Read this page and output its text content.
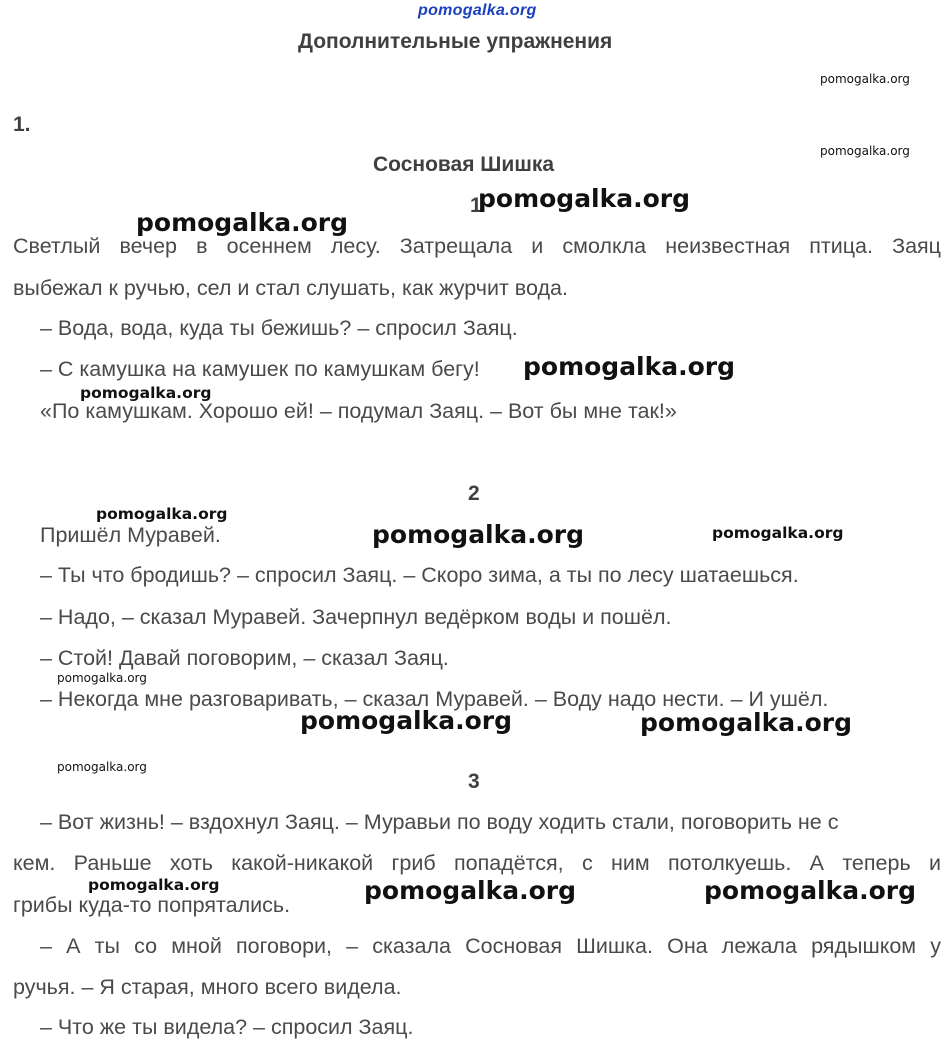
pomogalka.org
Дополнительные упражнения
pomogalka.org
1.
pomogalka.org
Сосновая Шишка
1
Светлый вечер в осеннем лесу. Затрещала и смолкла неизвестная птица. Заяц
выбежал к ручью, сел и стал слушать, как журчит вода.
– Вода, вода, куда ты бежишь? – спросил Заяц.
– С камушка на камушек по камушкам бегу!
«По камушкам. Хорошо ей! – подумал Заяц. – Вот бы мне так!»
2
Пришёл Муравей.
– Ты что бродишь? – спросил Заяц. – Скоро зима, а ты по лесу шатаешься.
– Надо, – сказал Муравей. Зачерпнул ведёрком воды и пошёл.
– Стой! Давай поговорим, – сказал Заяц.
– Некогда мне разговаривать, – сказал Муравей. – Воду надо нести. – И ушёл.
3
– Вот жизнь! – вздохнул Заяц. – Муравьи по воду ходить стали, поговорить не с
кем. Раньше хоть какой-никакой гриб попадётся, с ним потолкуешь. А теперь и
грибы куда-то попрятались.
– А ты со мной поговори, – сказала Сосновая Шишка. Она лежала рядышком у
ручья. – Я старая, много всего видела.
– Что же ты видела? – спросил Заяц.
pomogalka.org
pomogalka.org
pomogalka.org
pomogalka.org
pomogalka.org
pomogalka.org	pomogalka.org
pomogalka.org
pomogalka.org	pomogalka.org
pomogalka.org
pomogalka.org	pomogalka.org	pomogalka.org
